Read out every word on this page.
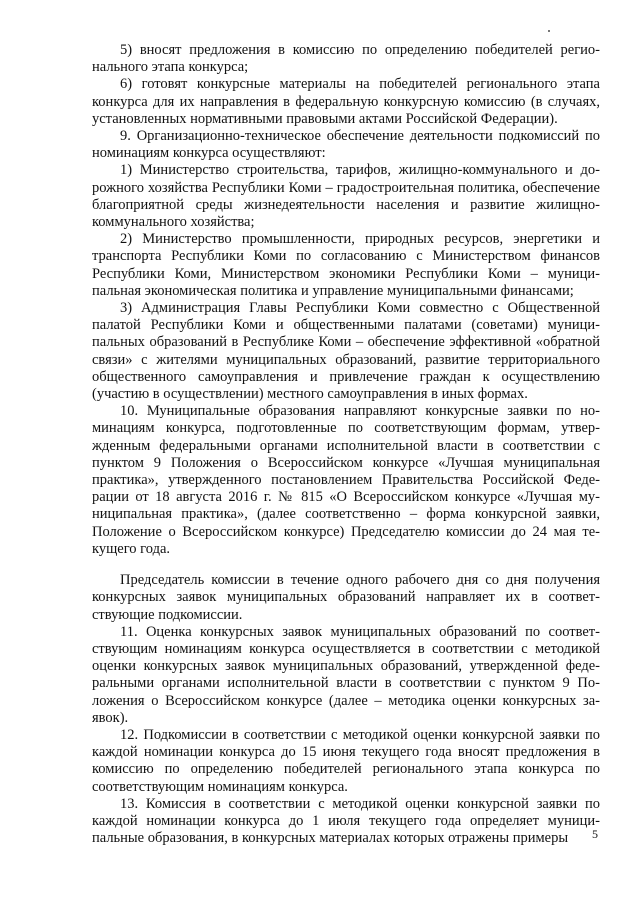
5) вносят предложения в комиссию по определению победителей регионального этапа конкурса;

6) готовят конкурсные материалы на победителей регионального этапа конкурса для их направления в федеральную конкурсную комиссию (в случаях, установленных нормативными правовыми актами Российской Федерации).

9. Организационно-техническое обеспечение деятельности подкомиссий по номинациям конкурса осуществляют:

1) Министерство строительства, тарифов, жилищно-коммунального и дорожного хозяйства Республики Коми – градостроительная политика, обеспечение благоприятной среды жизнедеятельности населения и развитие жилищно-коммунального хозяйства;

2) Министерство промышленности, природных ресурсов, энергетики и транспорта Республики Коми по согласованию с Министерством финансов Республики Коми, Министерством экономики Республики Коми – муниципальная экономическая политика и управление муниципальными финансами;

3) Администрация Главы Республики Коми совместно с Общественной палатой Республики Коми и общественными палатами (советами) муниципальных образований в Республике Коми – обеспечение эффективной «обратной связи» с жителями муниципальных образований, развитие территориального общественного самоуправления и привлечение граждан к осуществлению (участию в осуществлении) местного самоуправления в иных формах.

10. Муниципальные образования направляют конкурсные заявки по номинациям конкурса, подготовленные по соответствующим формам, утвержденным федеральными органами исполнительной власти в соответствии с пунктом 9 Положения о Всероссийском конкурсе «Лучшая муниципальная практика», утвержденного постановлением Правительства Российской Федерации от 18 августа 2016 г. № 815 «О Всероссийском конкурсе «Лучшая муниципальная практика», (далее соответственно – форма конкурсной заявки, Положение о Всероссийском конкурсе) Председателю комиссии до 24 мая текущего года.

Председатель комиссии в течение одного рабочего дня со дня получения конкурсных заявок муниципальных образований направляет их в соответствующие подкомиссии.

11. Оценка конкурсных заявок муниципальных образований по соответствующим номинациям конкурса осуществляется в соответствии с методикой оценки конкурсных заявок муниципальных образований, утвержденной федеральными органами исполнительной власти в соответствии с пунктом 9 Положения о Всероссийском конкурсе (далее – методика оценки конкурсных заявок).

12. Подкомиссии в соответствии с методикой оценки конкурсной заявки по каждой номинации конкурса до 15 июня текущего года вносят предложения в комиссию по определению победителей регионального этапа конкурса по соответствующим номинациям конкурса.

13. Комиссия в соответствии с методикой оценки конкурсной заявки по каждой номинации конкурса до 1 июля текущего года определяет муниципальные образования, в конкурсных материалах которых отражены примеры	5
